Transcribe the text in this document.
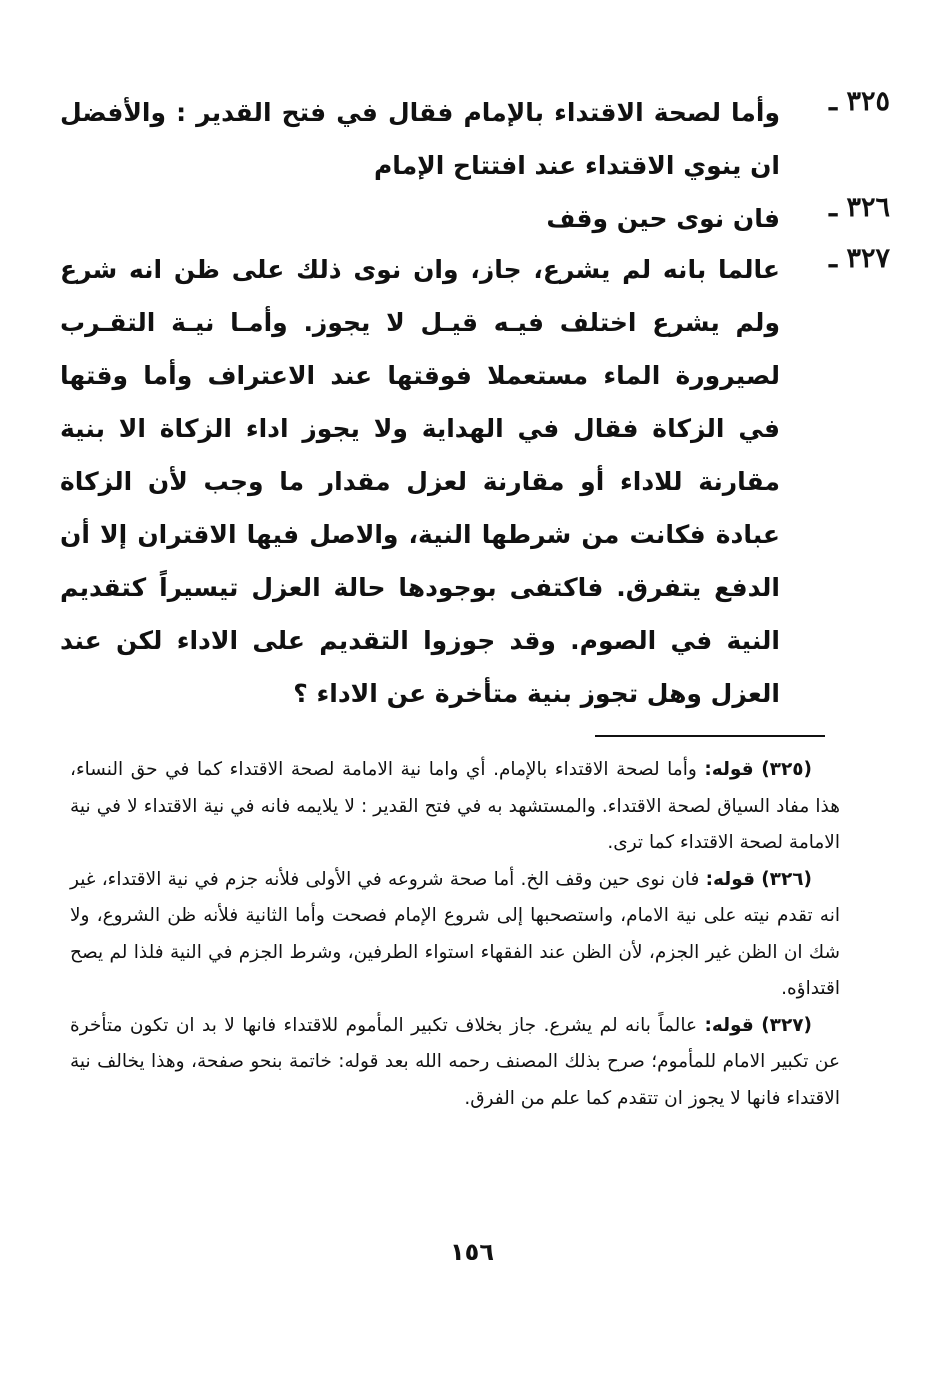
٣٢٥ ـ
وأما لصحة الاقتداء بالإمام فقال في فتح القدير : والأفضل ان ينوي الاقتداء عند افتتاح الإمام
٣٢٦ ـ
فان نوى حين وقف
٣٢٧ ـ
عالما بانه لم يشرع، جاز، وان نوى ذلك على ظن انه شرع ولم يشرع اختلف فيـه قيـل لا يجوز. وأمـا نيـة التقـرب لصيرورة الماء مستعملا فوقتها عند الاعتراف وأما وقتها في الزكاة فقال في الهداية ولا يجوز اداء الزكاة الا بنية مقارنة للاداء أو مقارنة لعزل مقدار ما وجب لأن الزكاة عبادة فكانت من شرطها النية، والاصل فيها الاقتران إلا أن الدفع يتفرق. فاكتفى بوجودها حالة العزل تيسيراً كتقديم النية في الصوم. وقد جوزوا التقديم على الاداء لكن عند العزل وهل تجوز بنية متأخرة عن الاداء ؟

(٣٢٥) قوله: وأما لصحة الاقتداء بالإمام. أي واما نية الامامة لصحة الاقتداء كما في حق النساء، هذا مفاد السياق لصحة الاقتداء. والمستشهد به في فتح القدير : لا يلايمه فانه في نية الاقتداء لا في نية الامامة لصحة الاقتداء كما ترى.

(٣٢٦) قوله: فان نوى حين وقف الخ. أما صحة شروعه في الأولى فلأنه جزم في نية الاقتداء، غير انه تقدم نيته على نية الامام، واستصحبها إلى شروع الإمام فصحت وأما الثانية فلأنه ظن الشروع، ولا شك ان الظن غير الجزم، لأن الظن عند الفقهاء استواء الطرفين، وشرط الجزم في النية فلذا لم يصح اقتداؤه.

(٣٢٧) قوله: عالماً بانه لم يشرع. جاز بخلاف تكبير المأموم للاقتداء فانها لا بد ان تكون متأخرة عن تكبير الامام للمأموم؛ صرح بذلك المصنف رحمه الله بعد قوله: خاتمة بنحو صفحة، وهذا يخالف نية الاقتداء فانها لا يجوز ان تتقدم كما علم من الفرق.

١٥٦
